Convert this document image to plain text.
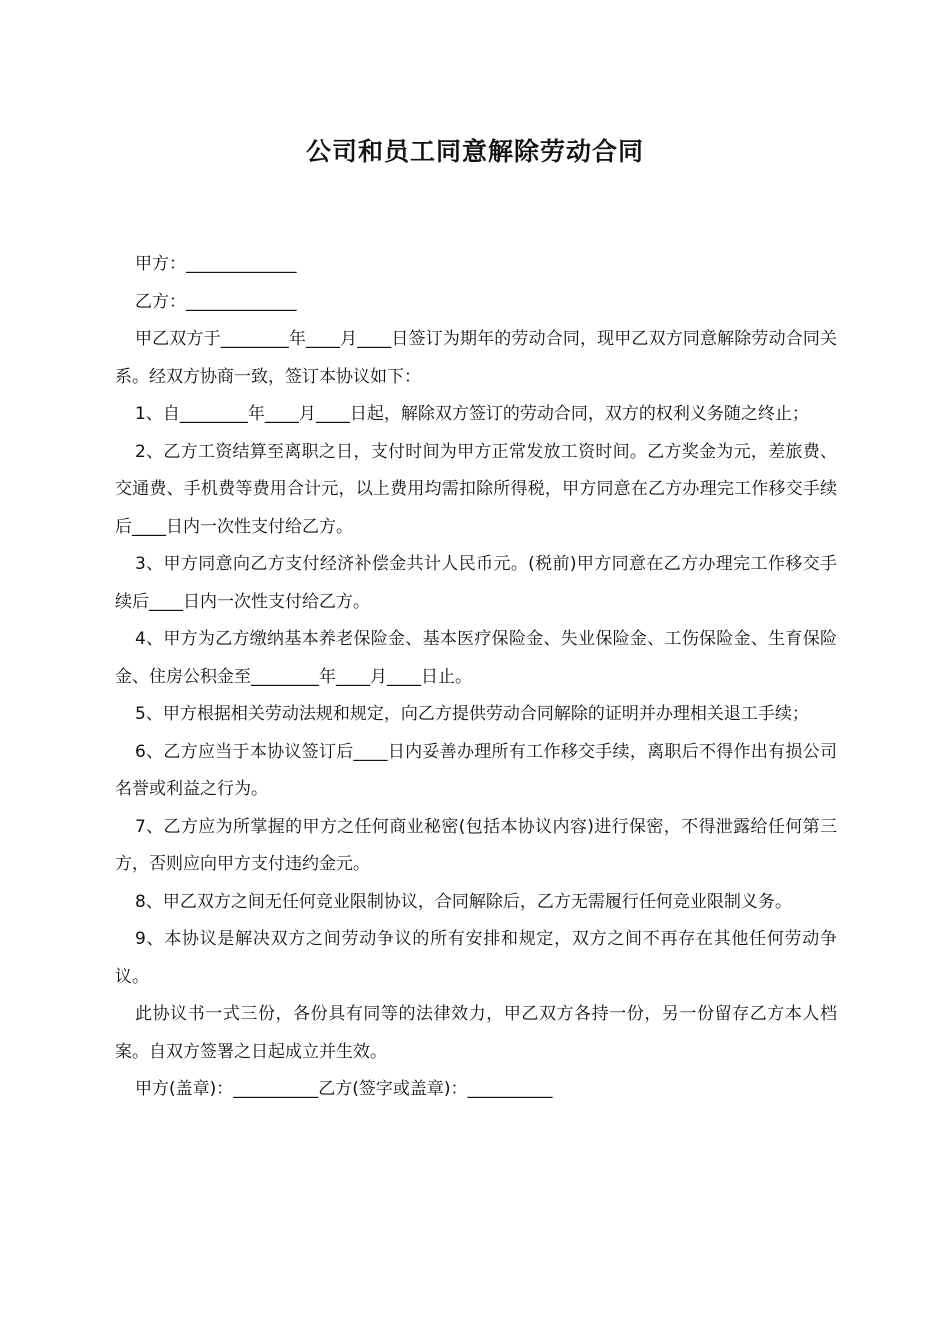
公司和员工同意解除劳动合同

甲方：_____________

乙方：_____________

甲乙双方于________年____月____日签订为期年的劳动合同，现甲乙双方同意解除劳动合同关系。经双方协商一致，签订本协议如下：

1、自________年____月____日起，解除双方签订的劳动合同，双方的权利义务随之终止；

2、乙方工资结算至离职之日，支付时间为甲方正常发放工资时间。乙方奖金为元，差旅费、交通费、手机费等费用合计元，以上费用均需扣除所得税，甲方同意在乙方办理完工作移交手续后____日内一次性支付给乙方。

3、甲方同意向乙方支付经济补偿金共计人民币元。(税前)甲方同意在乙方办理完工作移交手续后____日内一次性支付给乙方。

4、甲方为乙方缴纳基本养老保险金、基本医疗保险金、失业保险金、工伤保险金、生育保险金、住房公积金至________年____月____日止。

5、甲方根据相关劳动法规和规定，向乙方提供劳动合同解除的证明并办理相关退工手续；

6、乙方应当于本协议签订后____日内妥善办理所有工作移交手续，离职后不得作出有损公司名誉或利益之行为。

7、乙方应为所掌握的甲方之任何商业秘密(包括本协议内容)进行保密，不得泄露给任何第三方，否则应向甲方支付违约金元。

8、甲乙双方之间无任何竞业限制协议，合同解除后，乙方无需履行任何竞业限制义务。

9、本协议是解决双方之间劳动争议的所有安排和规定，双方之间不再存在其他任何劳动争议。

此协议书一式三份，各份具有同等的法律效力，甲乙双方各持一份，另一份留存乙方本人档案。自双方签署之日起成立并生效。

甲方(盖章)：__________乙方(签字或盖章)：__________
